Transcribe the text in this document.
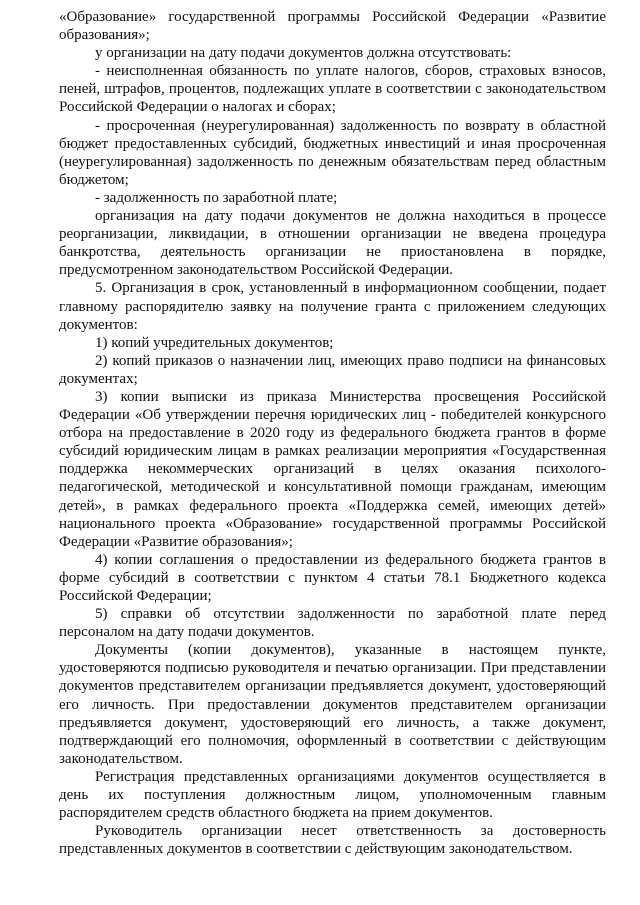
«Образование» государственной программы Российской Федерации «Развитие образования»;

у организации на дату подачи документов должна отсутствовать:

- неисполненная обязанность по уплате налогов, сборов, страховых взносов, пеней, штрафов, процентов, подлежащих уплате в соответствии с законодательством Российской Федерации о налогах и сборах;

- просроченная (неурегулированная) задолженность по возврату в областной бюджет предоставленных субсидий, бюджетных инвестиций и иная просроченная (неурегулированная) задолженность по денежным обязательствам перед областным бюджетом;

- задолженность по заработной плате;

организация на дату подачи документов не должна находиться в процессе реорганизации, ликвидации, в отношении организации не введена процедура банкротства, деятельность организации не приостановлена в порядке, предусмотренном законодательством Российской Федерации.

5. Организация в срок, установленный в информационном сообщении, подает главному распорядителю заявку на получение гранта с приложением следующих документов:

1) копий учредительных документов;

2) копий приказов о назначении лиц, имеющих право подписи на финансовых документах;

3) копии выписки из приказа Министерства просвещения Российской Федерации «Об утверждении перечня юридических лиц - победителей конкурсного отбора на предоставление в 2020 году из федерального бюджета грантов в форме субсидий юридическим лицам в рамках реализации мероприятия «Государственная поддержка некоммерческих организаций в целях оказания психолого-педагогической, методической и консультативной помощи гражданам, имеющим детей», в рамках федерального проекта «Поддержка семей, имеющих детей» национального проекта «Образование» государственной программы Российской Федерации «Развитие образования»;

4) копии соглашения о предоставлении из федерального бюджета грантов в форме субсидий в соответствии с пунктом 4 статьи 78.1 Бюджетного кодекса Российской Федерации;

5) справки об отсутствии задолженности по заработной плате перед персоналом на дату подачи документов.

Документы (копии документов), указанные в настоящем пункте, удостоверяются подписью руководителя и печатью организации. При представлении документов представителем организации предъявляется документ, удостоверяющий его личность. При предоставлении документов представителем организации предъявляется документ, удостоверяющий его личность, а также документ, подтверждающий его полномочия, оформленный в соответствии с действующим законодательством.

Регистрация представленных организациями документов осуществляется в день их поступления должностным лицом, уполномоченным главным распорядителем средств областного бюджета на прием документов.

Руководитель организации несет ответственность за достоверность представленных документов в соответствии с действующим законодательством.
